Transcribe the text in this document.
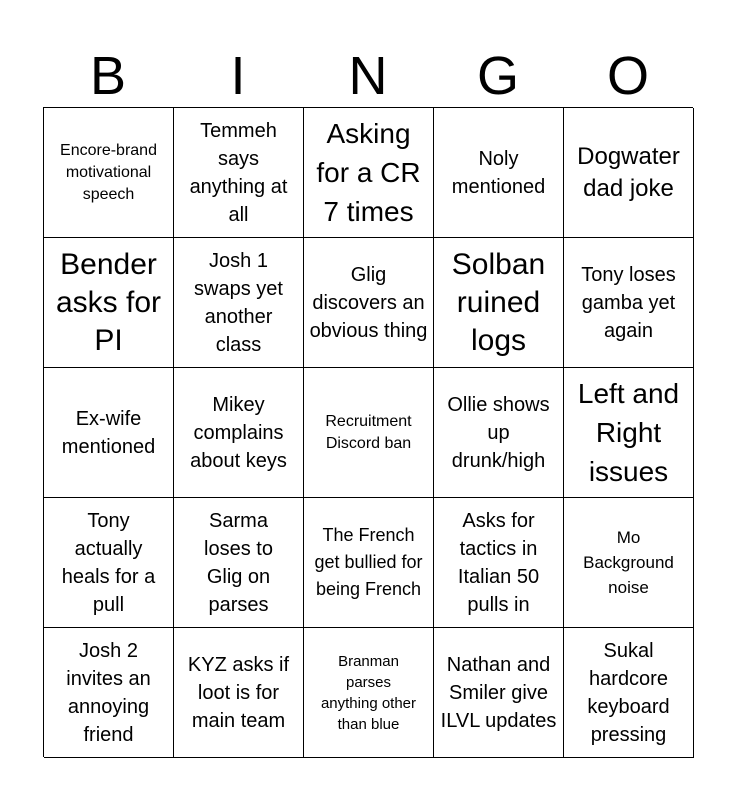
B	I	N	G	O
Encore-brand motivational speech
Temmeh says anything at all
Asking for a CR 7 times
Noly mentioned
Dogwater dad joke
Bender asks for PI
Josh 1 swaps yet another class
Glig discovers an obvious thing
Solban ruined logs
Tony loses gamba yet again
Ex-wife mentioned
Mikey complains about keys
Recruitment Discord ban
Ollie shows up drunk/high
Left and Right issues
Tony actually heals for a pull
Sarma loses to Glig on parses
The French get bullied for being French
Asks for tactics in Italian 50 pulls in
Mo Background noise
Josh 2 invites an annoying friend
KYZ asks if loot is for main team
Branman parses anything other than blue
Nathan and Smiler give ILVL updates
Sukal hardcore keyboard pressing
